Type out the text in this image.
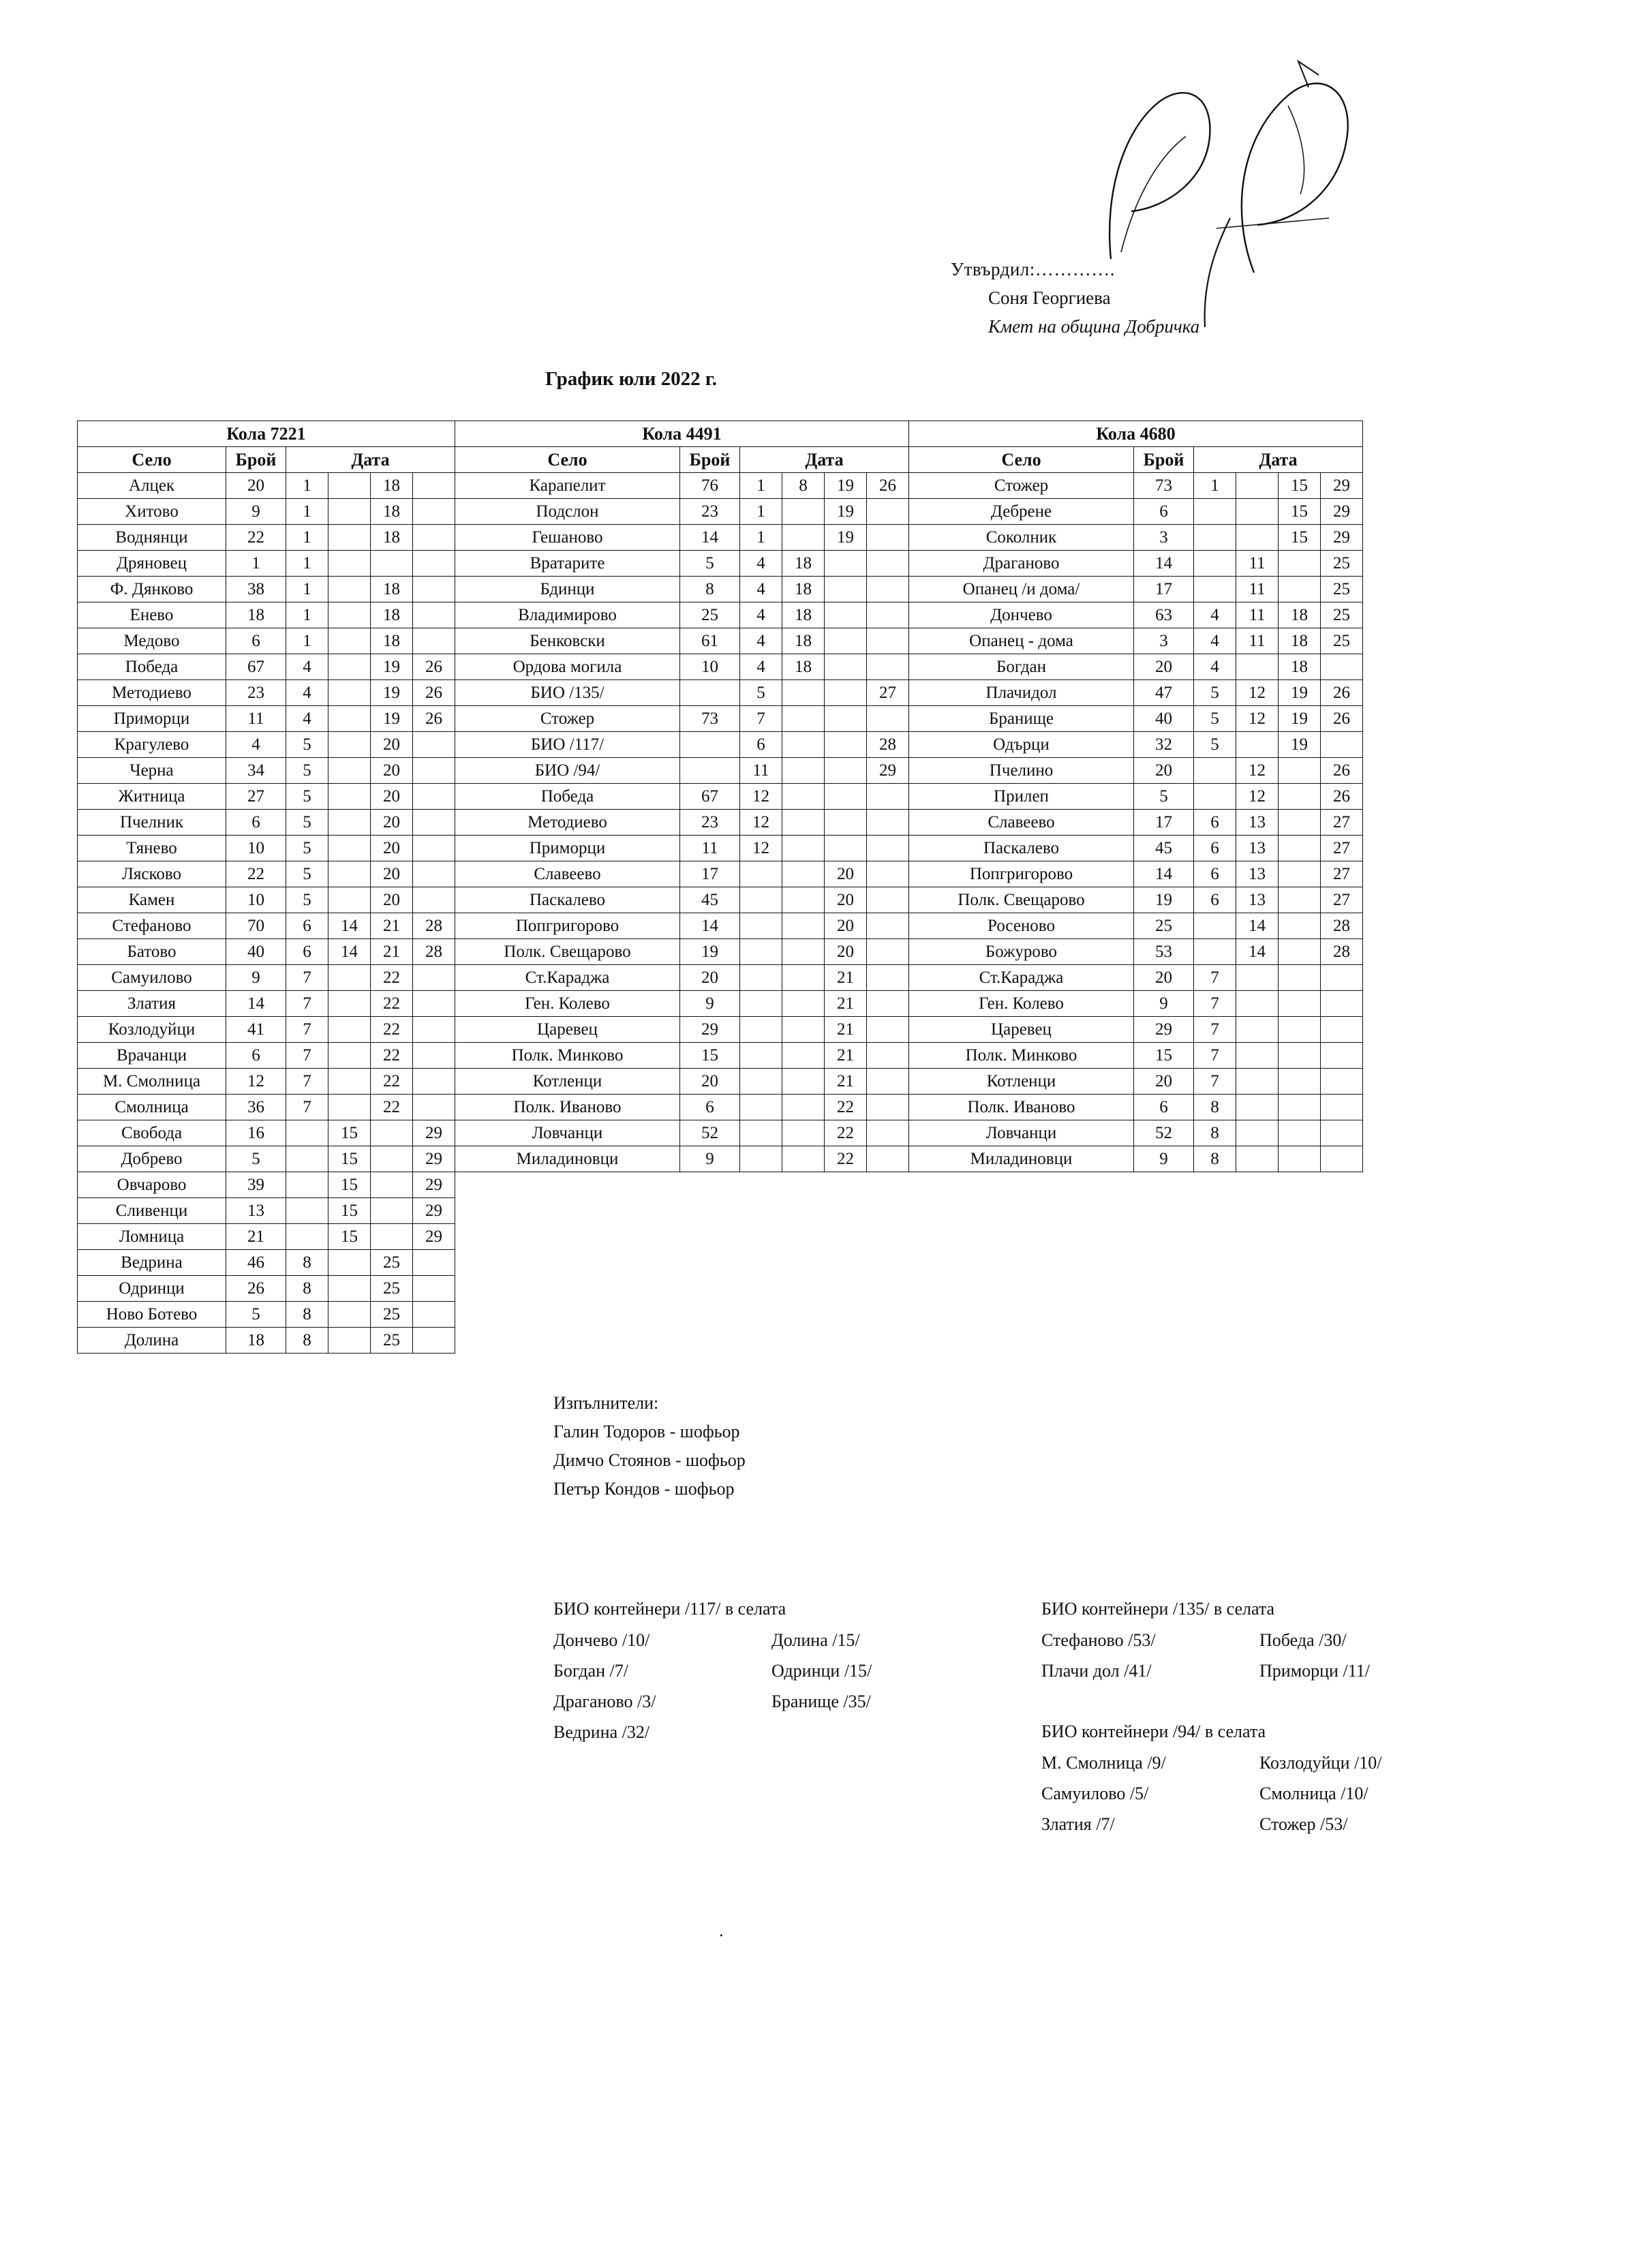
Утвърдил:………….
Соня Георгиева
Кмет на община Добричка
График юли 2022 г.
Кола 7221						Кола 4491						Кола 4680					
Село	Брой	Дата				Село	Брой	Дата				Село	Брой	Дата			
Алцек	20	1		18		Карапелит	76	1	8	19	26	Стожер	73	1		15	29
Хитово	9	1		18		Подслон	23	1		19		Дебрене	6			15	29
Воднянци	22	1		18		Гешаново	14	1		19		Соколник	3			15	29
Дряновец	1	1				Вратарите	5	4	18			Драганово	14		11		25
Ф. Дянково	38	1		18		Бдинци	8	4	18			Опанец /и дома/	17		11		25
Енево	18	1		18		Владимирово	25	4	18			Дончево	63	4	11	18	25
Медово	6	1		18		Бенковски	61	4	18			Опанец - дома	3	4	11	18	25
Победа	67	4		19	26	Ордова могила	10	4	18			Богдан	20	4		18	
Методиево	23	4		19	26	БИО /135/		5			27	Плачидол	47	5	12	19	26
Приморци	11	4		19	26	Стожер	73	7				Бранище	40	5	12	19	26
Крагулево	4	5		20		БИО /117/		6			28	Одърци	32	5		19	
Черна	34	5		20		БИО /94/		11			29	Пчелино	20		12		26
Житница	27	5		20		Победа	67	12				Прилеп	5		12		26
Пчелник	6	5		20		Методиево	23	12				Славеево	17	6	13		27
Тянево	10	5		20		Приморци	11	12				Паскалево	45	6	13		27
Лясково	22	5		20		Славеево	17			20		Попгригорово	14	6	13		27
Камен	10	5		20		Паскалево	45			20		Полк. Свещарово	19	6	13		27
Стефаново	70	6	14	21	28	Попгригорово	14			20		Росеново	25		14		28
Батово	40	6	14	21	28	Полк. Свещарово	19			20		Божурово	53		14		28
Самуилово	9	7		22		Ст.Караджа	20			21		Ст.Караджа	20	7			
Златия	14	7		22		Ген. Колево	9			21		Ген. Колево	9	7			
Козлодуйци	41	7		22		Царевец	29			21		Царевец	29	7			
Врачанци	6	7		22		Полк. Минково	15			21		Полк. Минково	15	7			
М. Смолница	12	7		22		Котленци	20			21		Котленци	20	7			
Смолница	36	7		22		Полк. Иваново	6			22		Полк. Иваново	6	8			
Свобода	16		15		29	Ловчанци	52			22		Ловчанци	52	8			
Добрево	5		15		29	Миладиновци	9			22		Миладиновци	9	8			
Овчарово	39		15		29												
Сливенци	13		15		29												
Ломница	21		15		29												
Ведрина	46	8		25													
Одринци	26	8		25													
Ново Ботево	5	8		25													
Долина	18	8		25													
Изпълнители:
Галин Тодоров - шофьор
Димчо Стоянов - шофьор
Петър Кондов - шофьор
БИО контейнери /117/ в селата
Дончево /10/	Долина /15/
Богдан /7/	Одринци /15/
Драганово /3/	Бранище /35/
Ведрина /32/
БИО контейнери /135/ в селата
Стефаново /53/	Победа /30/
Плачи дол /41/	Приморци /11/
БИО контейнери /94/ в селата
М. Смолница /9/	Козлодуйци /10/
Самуилово /5/	Смолница /10/
Златия /7/	Стожер /53/
.
